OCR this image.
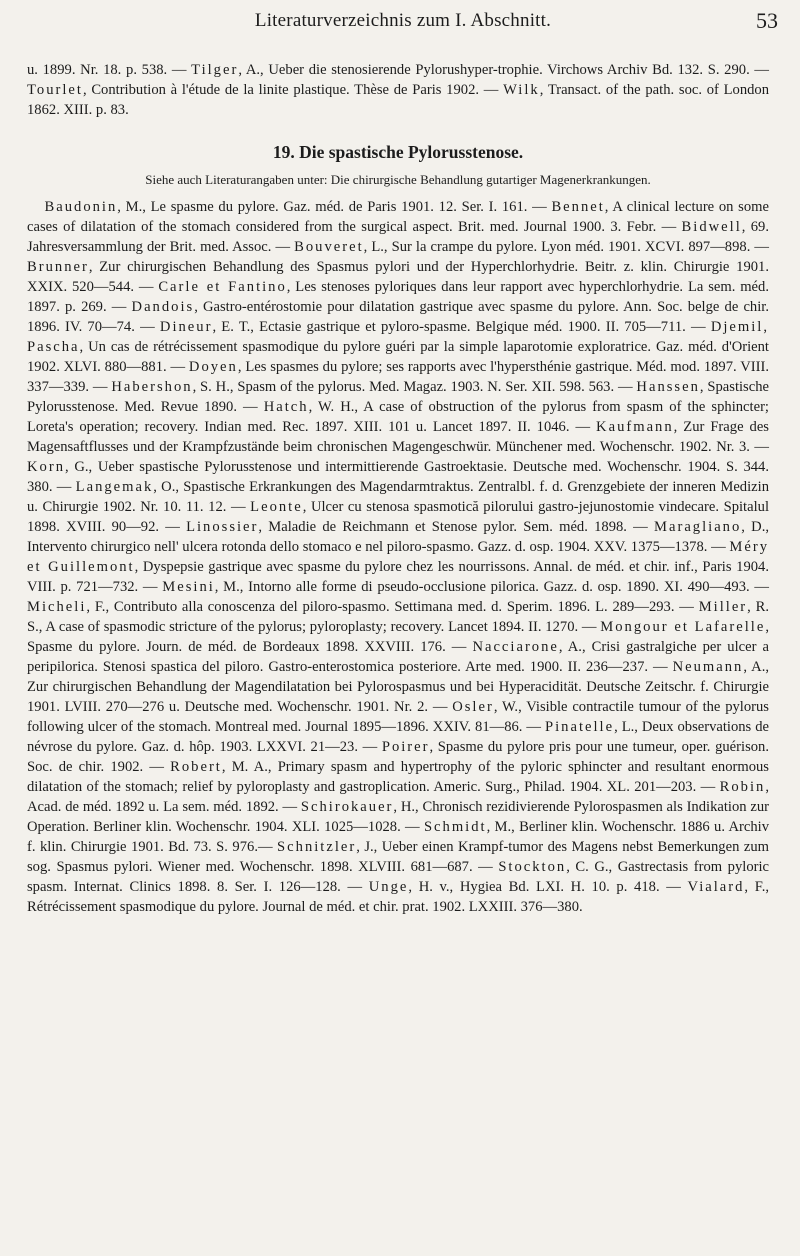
Literaturverzeichnis zum I. Abschnitt.	53

u. 1899. Nr. 18. p. 538. — Tilger, A., Ueber die stenosierende Pylorushyper-trophie. Virchows Archiv Bd. 132. S. 290. — Tourlet, Contribution à l'étude de la linite plastique. Thèse de Paris 1902. — Wilk, Transact. of the path. soc. of London 1862. XIII. p. 83.

19. Die spastische Pylorusstenose.
Siehe auch Literaturangaben unter: Die chirurgische Behandlung gutartiger Magenerkrankungen.

Baudonin, M., Le spasme du pylore. Gaz. méd. de Paris 1901. 12. Ser. I. 161. — Bennet, A clinical lecture on some cases of dilatation of the stomach considered from the surgical aspect. Brit. med. Journal 1900. 3. Febr. — Bidwell, 69. Jahresversammlung der Brit. med. Assoc. — Bouveret, L., Sur la crampe du pylore. Lyon méd. 1901. XCVI. 897—898. — Brunner, Zur chirurgischen Behandlung des Spasmus pylori und der Hyperchlorhydrie. Beitr. z. klin. Chirurgie 1901. XXIX. 520—544. — Carle et Fantino, Les stenoses pyloriques dans leur rapport avec hyperchlorhydrie. La sem. méd. 1897. p. 269. — Dandois, Gastro-entérostomie pour dilatation gastrique avec spasme du pylore. Ann. Soc. belge de chir. 1896. IV. 70—74. — Dineur, E. T., Ectasie gastrique et pyloro-spasme. Belgique méd. 1900. II. 705—711. — Djemil, Pascha, Un cas de rétrécissement spasmodique du pylore guéri par la simple laparotomie exploratrice. Gaz. méd. d'Orient 1902. XLVI. 880—881. — Doyen, Les spasmes du pylore; ses rapports avec l'hypersthénie gastrique. Méd. mod. 1897. VIII. 337—339. — Habershon, S. H., Spasm of the pylorus. Med. Magaz. 1903. N. Ser. XII. 598. 563. — Hanssen, Spastische Pylorusstenose. Med. Revue 1890. — Hatch, W. H., A case of obstruction of the pylorus from spasm of the sphincter; Loreta's operation; recovery. Indian med. Rec. 1897. XIII. 101 u. Lancet 1897. II. 1046. — Kaufmann, Zur Frage des Magensaftflusses und der Krampfzustände beim chronischen Magengeschwür. Münchener med. Wochenschr. 1902. Nr. 3. — Korn, G., Ueber spastische Pylorusstenose und intermittierende Gastroektasie. Deutsche med. Wochenschr. 1904. S. 344. 380. — Langemak, O., Spastische Erkrankungen des Magendarmtraktus. Zentralbl. f. d. Grenzgebiete der inneren Medizin u. Chirurgie 1902. Nr. 10. 11. 12. — Leonte, Ulcer cu stenosa spasmotică pilorului gastro-jejunostomie vindecare. Spitalul 1898. XVIII. 90—92. — Linossier, Maladie de Reichmann et Stenose pylor. Sem. méd. 1898. — Maragliano, D., Intervento chirurgico nell' ulcera rotonda dello stomaco e nel piloro-spasmo. Gazz. d. osp. 1904. XXV. 1375—1378. — Méry et Guillemont, Dyspepsie gastrique avec spasme du pylore chez les nourrissons. Annal. de méd. et chir. inf., Paris 1904. VIII. p. 721—732. — Mesini, M., Intorno alle forme di pseudo-occlusione pilorica. Gazz. d. osp. 1890. XI. 490—493. — Micheli, F., Contributo alla conoscenza del piloro-spasmo. Settimana med. d. Sperim. 1896. L. 289—293. — Miller, R. S., A case of spasmodic stricture of the pylorus; pyloroplasty; recovery. Lancet 1894. II. 1270. — Mongour et Lafarelle, Spasme du pylore. Journ. de méd. de Bordeaux 1898. XXVIII. 176. — Nacciarone, A., Crisi gastralgiche per ulcer a peripilorica. Stenosi spastica del piloro. Gastro-enterostomica posteriore. Arte med. 1900. II. 236—237. — Neumann, A., Zur chirurgischen Behandlung der Magendilatation bei Pylorospasmus und bei Hyperacidität. Deutsche Zeitschr. f. Chirurgie 1901. LVIII. 270—276 u. Deutsche med. Wochenschr. 1901. Nr. 2. — Osler, W., Visible contractile tumour of the pylorus following ulcer of the stomach. Montreal med. Journal 1895—1896. XXIV. 81—86. — Pinatelle, L., Deux observations de névrose du pylore. Gaz. d. hôp. 1903. LXXVI. 21—23. — Poirer, Spasme du pylore pris pour une tumeur, oper. guérison. Soc. de chir. 1902. — Robert, M. A., Primary spasm and hypertrophy of the pyloric sphincter and resultant enormous dilatation of the stomach; relief by pyloroplasty and gastroplication. Americ. Surg., Philad. 1904. XL. 201—203. — Robin, Acad. de méd. 1892 u. La sem. méd. 1892. — Schirokauer, H., Chronisch rezidivierende Pylorospasmen als Indikation zur Operation. Berliner klin. Wochenschr. 1904. XLI. 1025—1028. — Schmidt, M., Berliner klin. Wochenschr. 1886 u. Archiv f. klin. Chirurgie 1901. Bd. 73. S. 976.— Schnitzler, J., Ueber einen Krampf-tumor des Magens nebst Bemerkungen zum sog. Spasmus pylori. Wiener med. Wochenschr. 1898. XLVIII. 681—687. — Stockton, C. G., Gastrectasis from pyloric spasm. Internat. Clinics 1898. 8. Ser. I. 126—128. — Unge, H. v., Hygiea Bd. LXI. H. 10. p. 418. — Vialard, F., Rétrécissement spasmodique du pylore. Journal de méd. et chir. prat. 1902. LXXIII. 376—380.
